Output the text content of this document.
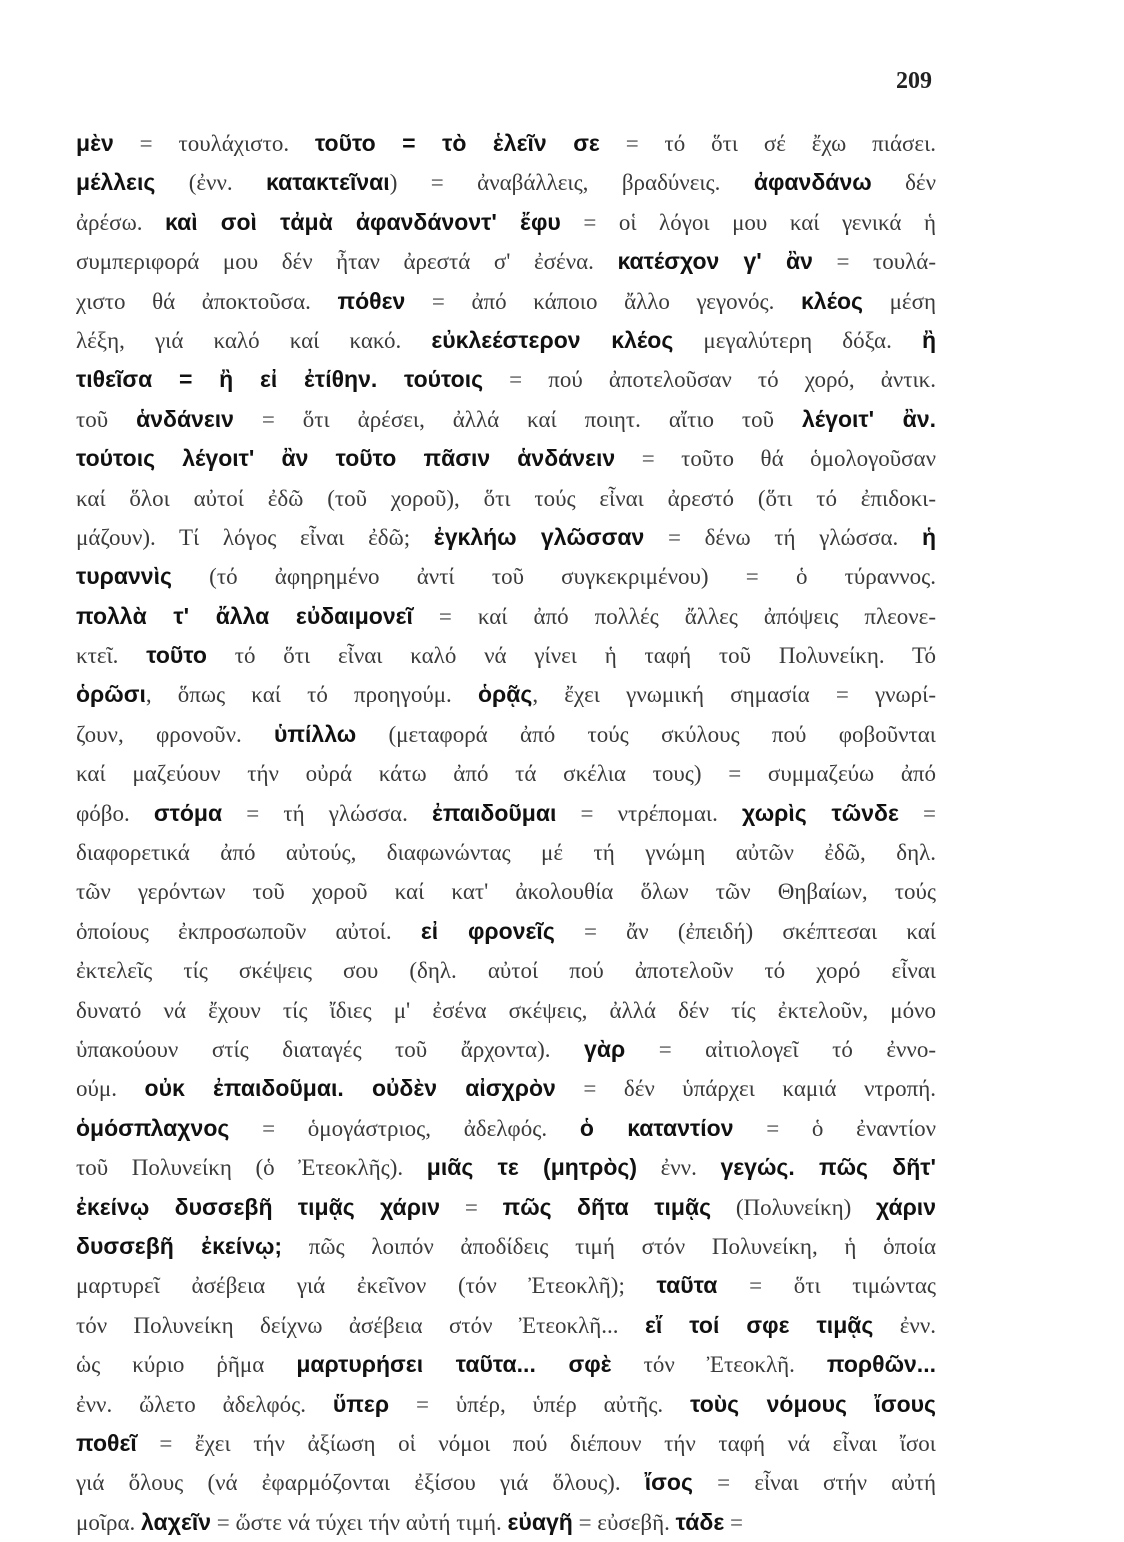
209
μὲν = τουλάχιστο. τοῦτο = τὸ ἑλεῖν σε = τό ὅτι σέ ἔχω πιάσει.
μέλλεις (ἐνν. κατακτεῖναι) = ἀναβάλλεις, βραδύνεις. ἀφανδάνω δέν
ἀρέσω. καὶ σοὶ τἀμὰ ἀφανδάνοντ' ἔφυ = οἱ λόγοι μου καί γενικά ἡ
συμπεριφορά μου δέν ἦταν ἀρεστά σ' ἐσένα. κατέσχον γ' ἂν = τουλά-
χιστο θά ἀποκτοῦσα. πόθεν = ἀπό κάποιο ἄλλο γεγονός. κλέος μέση
λέξη, γιά καλό καί κακό. εὐκλεέστερον κλέος μεγαλύτερη δόξα. ἢ
τιθεῖσα = ἢ εἰ ἐτίθην. τούτοις = πού ἀποτελοῦσαν τό χορό, ἀντικ.
τοῦ ἁνδάνειν = ὅτι ἀρέσει, ἀλλά καί ποιητ. αἴτιο τοῦ λέγοιτ' ἂν.
τούτοις λέγοιτ' ἂν τοῦτο πᾶσιν ἁνδάνειν = τοῦτο θά ὁμολογοῦσαν
καί ὅλοι αὐτοί ἐδῶ (τοῦ χοροῦ), ὅτι τούς εἶναι ἀρεστό (ὅτι τό ἐπιδοκι-
μάζουν). Τί λόγος εἶναι ἐδῶ; ἐγκλήω γλῶσσαν = δένω τή γλώσσα. ἡ
τυραννὶς (τό ἀφηρημένο ἀντί τοῦ συγκεκριμένου) = ὁ τύραννος.
πολλὰ τ' ἄλλα εὐδαιμονεῖ = καί ἀπό πολλές ἄλλες ἀπόψεις πλεονε-
κτεῖ. τοῦτο τό ὅτι εἶναι καλό νά γίνει ἡ ταφή τοῦ Πολυνείκη. Τό
ὁρῶσι, ὅπως καί τό προηγούμ. ὁρᾷς, ἔχει γνωμική σημασία = γνωρί-
ζουν, φρονοῦν. ὑπίλλω (μεταφορά ἀπό τούς σκύλους πού φοβοῦνται
καί μαζεύουν τήν οὐρά κάτω ἀπό τά σκέλια τους) = συμμαζεύω ἀπό
φόβο. στόμα = τή γλώσσα. ἐπαιδοῦμαι = ντρέπομαι. χωρὶς τῶνδε =
διαφορετικά ἀπό αὐτούς, διαφωνώντας μέ τή γνώμη αὐτῶν ἐδῶ, δηλ.
τῶν γερόντων τοῦ χοροῦ καί κατ' ἀκολουθία ὅλων τῶν Θηβαίων, τούς
ὁποίους ἐκπροσωποῦν αὐτοί. εἰ φρονεῖς = ἄν (ἐπειδή) σκέπτεσαι καί
ἐκτελεῖς τίς σκέψεις σου (δηλ. αὐτοί πού ἀποτελοῦν τό χορό εἶναι
δυνατό νά ἔχουν τίς ἴδιες μ' ἐσένα σκέψεις, ἀλλά δέν τίς ἐκτελοῦν, μόνο
ὑπακούουν στίς διαταγές τοῦ ἄρχοντα). γὰρ = αἰτιολογεῖ τό ἐννο-
ούμ. οὐκ ἐπαιδοῦμαι. οὐδὲν αἰσχρὸν = δέν ὑπάρχει καμιά ντροπή.
ὁμόσπλαχνος = ὁμογάστριος, ἀδελφός. ὁ καταντίον = ὁ ἐναντίον
τοῦ Πολυνείκη (ὁ Ἐτεοκλῆς). μιᾶς τε (μητρὸς) ἐνν. γεγώς. πῶς δῆτ'
ἐκείνῳ δυσσεβῆ τιμᾷς χάριν = πῶς δῆτα τιμᾷς (Πολυνείκη) χάριν
δυσσεβῆ ἐκείνῳ; πῶς λοιπόν ἀποδίδεις τιμή στόν Πολυνείκη, ἡ ὁποία
μαρτυρεῖ ἀσέβεια γιά ἐκεῖνον (τόν Ἐτεοκλῆ); ταῦτα = ὅτι τιμώντας
τόν Πολυνείκη δείχνω ἀσέβεια στόν Ἐτεοκλῆ... εἴ τοί σφε τιμᾷς ἐνν.
ὡς κύριο ῥῆμα μαρτυρήσει ταῦτα... σφὲ τόν Ἐτεοκλῆ. πορθῶν...
ἐνν. ὤλετο ἀδελφός. ὕπερ = ὑπέρ, ὑπέρ αὐτῆς. τοὺς νόμους ἴσους
ποθεῖ = ἔχει τήν ἀξίωση οἱ νόμοι πού διέπουν τήν ταφή νά εἶναι ἴσοι
γιά ὅλους (νά ἐφαρμόζονται ἐξίσου γιά ὅλους). ἴσος = εἶναι στήν αὐτή
μοῖρα. λαχεῖν = ὥστε νά τύχει τήν αὐτή τιμή. εὐαγῆ = εὐσεβῆ. τάδε =
